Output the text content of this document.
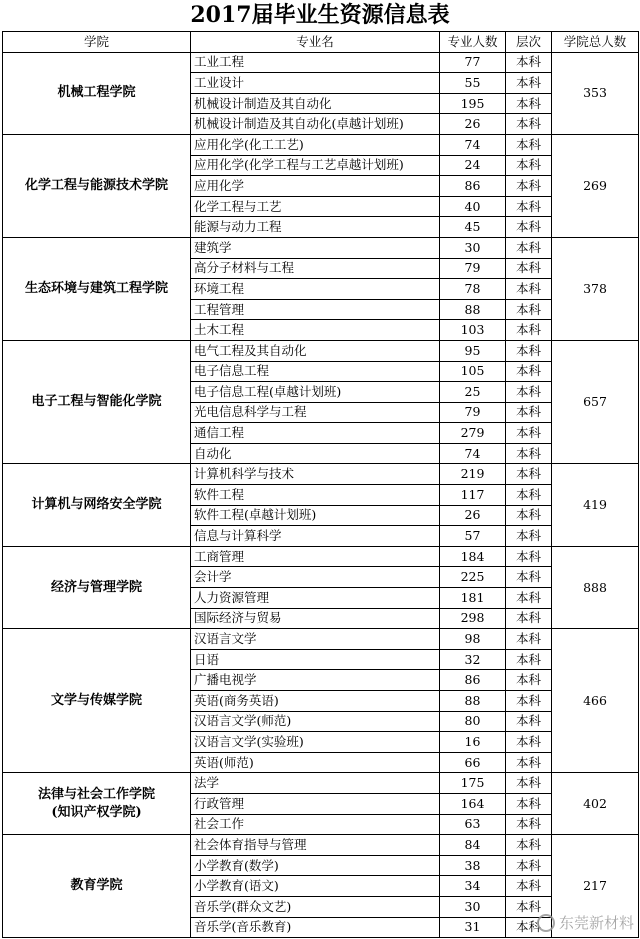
2017届毕业生资源信息表
学院	专业名	专业人数	层次	学院总人数
机械工程学院	工业工程	77	本科	353
	工业设计	55	本科	
	机械设计制造及其自动化	195	本科	
	机械设计制造及其自动化(卓越计划班)	26	本科	
化学工程与能源技术学院	应用化学(化工工艺)	74	本科	269
	应用化学(化学工程与工艺卓越计划班)	24	本科	
	应用化学	86	本科	
	化学工程与工艺	40	本科	
	能源与动力工程	45	本科	
生态环境与建筑工程学院	建筑学	30	本科	378
	高分子材料与工程	79	本科	
	环境工程	78	本科	
	工程管理	88	本科	
	土木工程	103	本科	
电子工程与智能化学院	电气工程及其自动化	95	本科	657
	电子信息工程	105	本科	
	电子信息工程(卓越计划班)	25	本科	
	光电信息科学与工程	79	本科	
	通信工程	279	本科	
	自动化	74	本科	
计算机与网络安全学院	计算机科学与技术	219	本科	419
	软件工程	117	本科	
	软件工程(卓越计划班)	26	本科	
	信息与计算科学	57	本科	
经济与管理学院	工商管理	184	本科	888
	会计学	225	本科	
	人力资源管理	181	本科	
	国际经济与贸易	298	本科	
文学与传媒学院	汉语言文学	98	本科	466
	日语	32	本科	
	广播电视学	86	本科	
	英语(商务英语)	88	本科	
	汉语言文学(师范)	80	本科	
	汉语言文学(实验班)	16	本科	
	英语(师范)	66	本科	
法律与社会工作学院
(知识产权学院)	法学	175	本科	402
	行政管理	164	本科	
	社会工作	63	本科	
教育学院	社会体育指导与管理	84	本科	217
	小学教育(数学)	38	本科	
	小学教育(语文)	34	本科	
	音乐学(群众文艺)	30	本科	
	音乐学(音乐教育)	31	本科	东莞新材料
